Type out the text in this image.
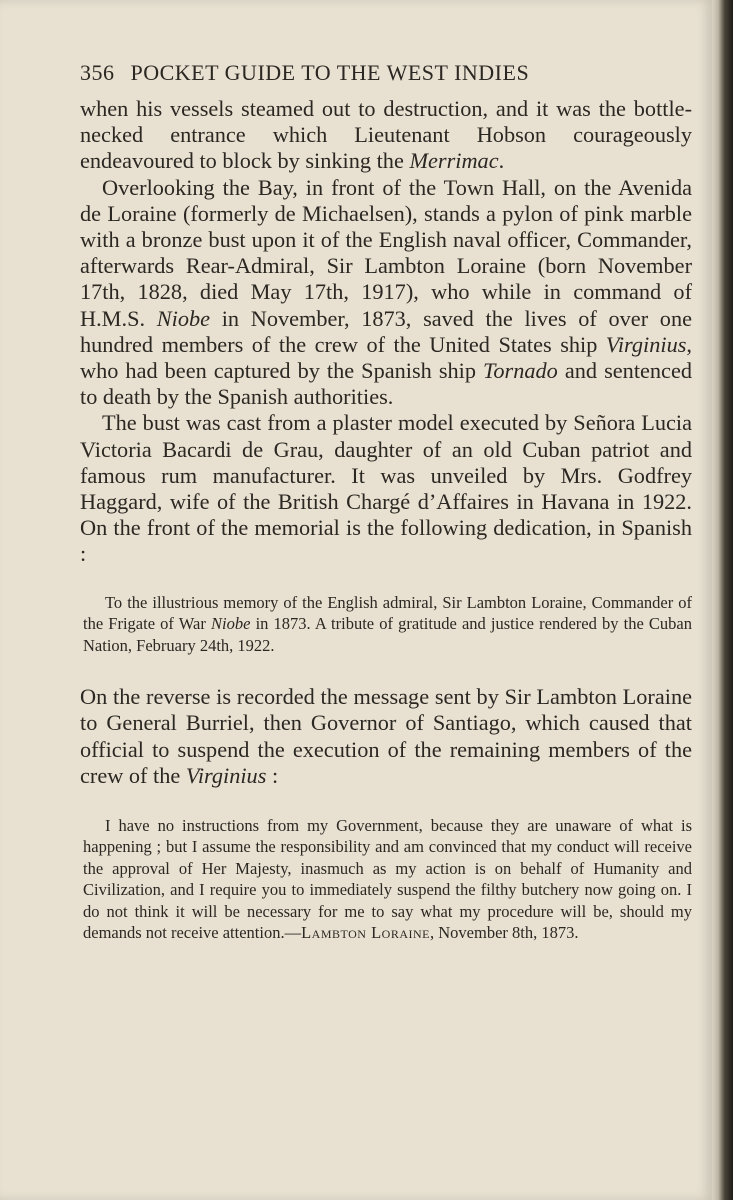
356 POCKET GUIDE TO THE WEST INDIES

when his vessels steamed out to destruction, and it was the bottle-necked entrance which Lieutenant Hobson courageously endeavoured to block by sinking the Merrimac.

Overlooking the Bay, in front of the Town Hall, on the Avenida de Loraine (formerly de Michaelsen), stands a pylon of pink marble with a bronze bust upon it of the English naval officer, Commander, afterwards Rear-Admiral, Sir Lambton Loraine (born November 17th, 1828, died May 17th, 1917), who while in command of H.M.S. Niobe in November, 1873, saved the lives of over one hundred members of the crew of the United States ship Virginius, who had been captured by the Spanish ship Tornado and sentenced to death by the Spanish authorities.

The bust was cast from a plaster model executed by Señora Lucia Victoria Bacardi de Grau, daughter of an old Cuban patriot and famous rum manufacturer. It was unveiled by Mrs. Godfrey Haggard, wife of the British Chargé d’Affaires in Havana in 1922. On the front of the memorial is the following dedication, in Spanish :

To the illustrious memory of the English admiral, Sir Lambton Loraine, Commander of the Frigate of War Niobe in 1873. A tribute of gratitude and justice rendered by the Cuban Nation, February 24th, 1922.

On the reverse is recorded the message sent by Sir Lambton Loraine to General Burriel, then Governor of Santiago, which caused that official to suspend the execution of the remaining members of the crew of the Virginius :

I have no instructions from my Government, because they are unaware of what is happening ; but I assume the responsibility and am convinced that my conduct will receive the approval of Her Majesty, inasmuch as my action is on behalf of Humanity and Civilization, and I require you to immediately suspend the filthy butchery now going on. I do not think it will be necessary for me to say what my procedure will be, should my demands not receive attention.—Lambton Loraine, November 8th, 1873.
